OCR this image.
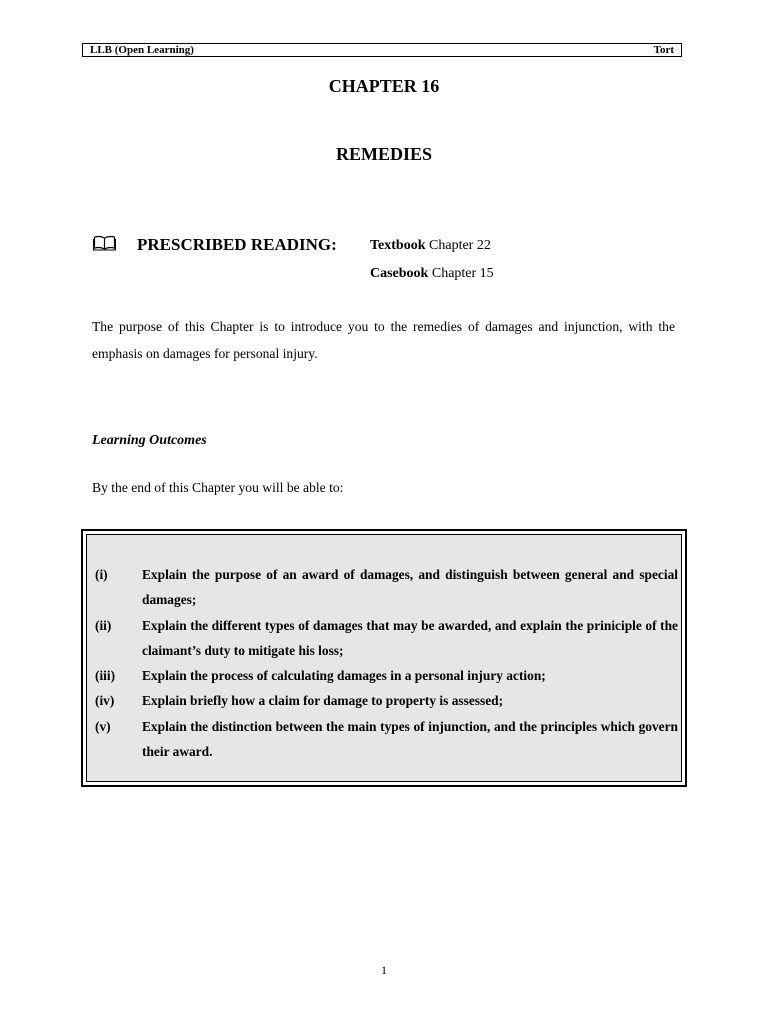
LLB (Open Learning)	Tort
CHAPTER 16
REMEDIES
PRESCRIBED READING: Textbook Chapter 22
Casebook Chapter 15
The purpose of this Chapter is to introduce you to the remedies of damages and injunction, with the emphasis on damages for personal injury.
Learning Outcomes
By the end of this Chapter you will be able to:
(i)	Explain the purpose of an award of damages, and distinguish between general and special damages;
(ii)	Explain the different types of damages that may be awarded, and explain the priniciple of the claimant’s duty to mitigate his loss;
(iii)	Explain the process of calculating damages in a personal injury action;
(iv)	Explain briefly how a claim for damage to property is assessed;
(v)	Explain the distinction between the main types of injunction, and the principles which govern their award.
1
